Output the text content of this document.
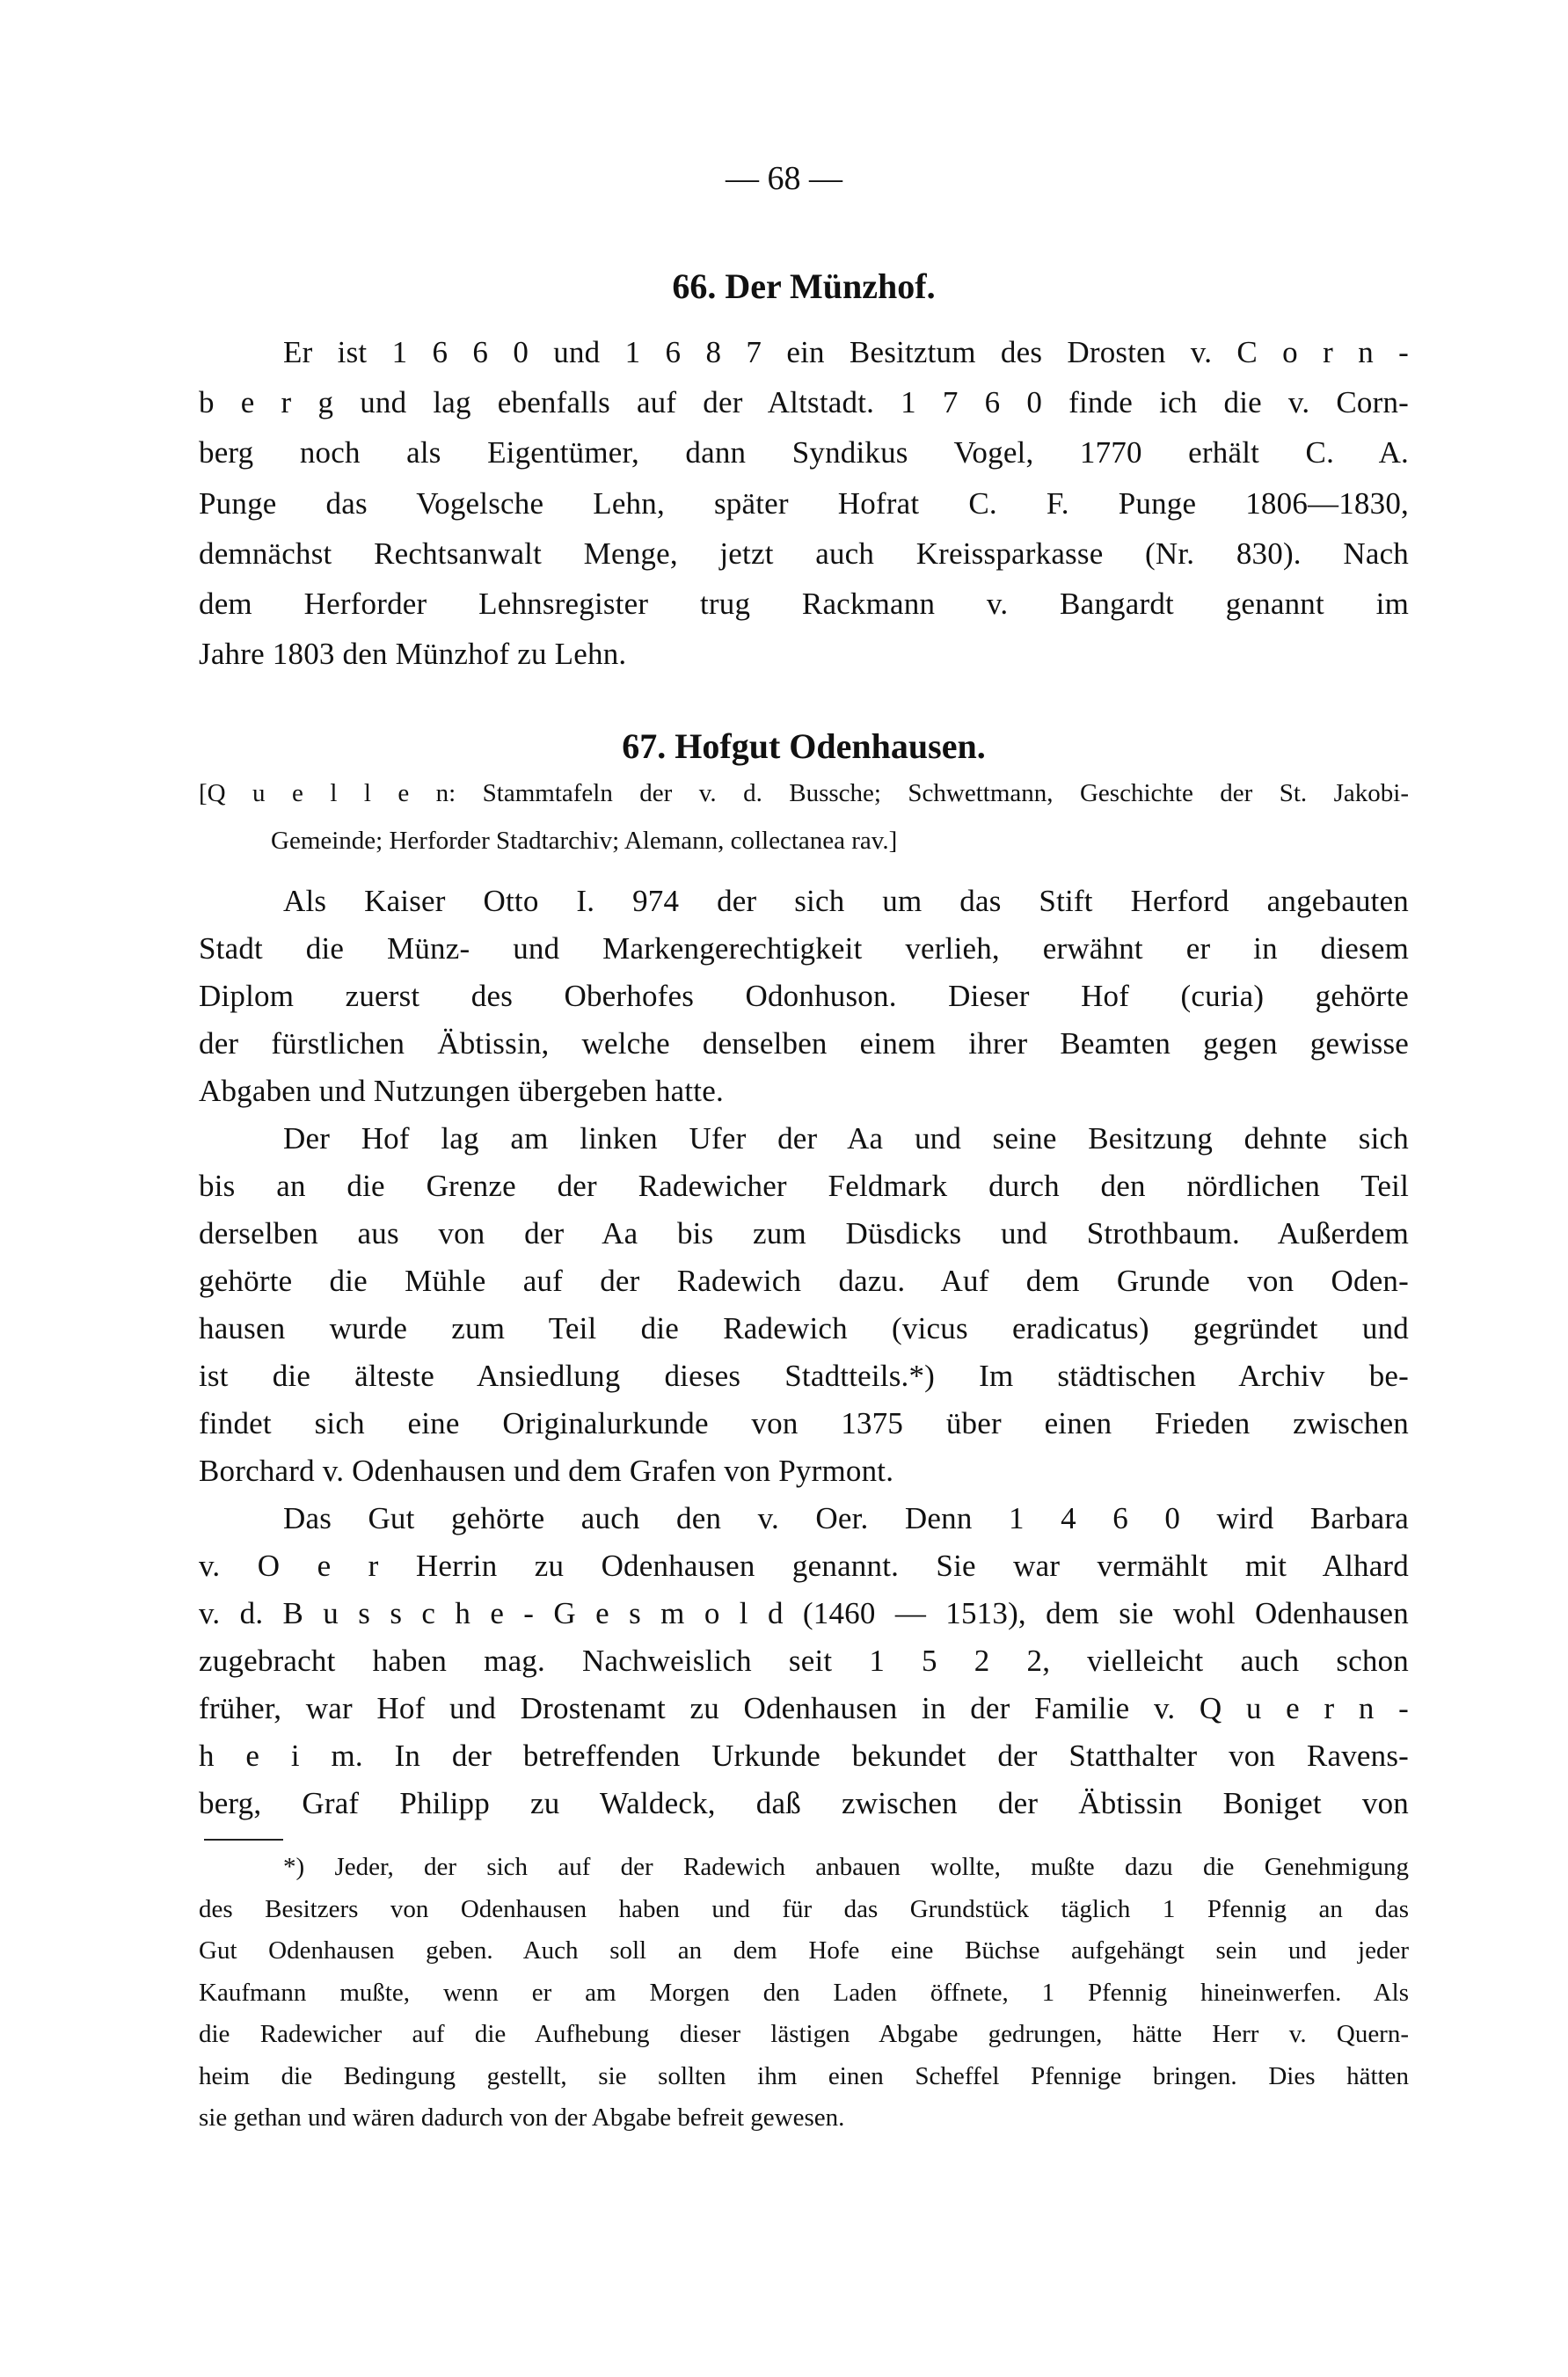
— 68 —
66. Der Münzhof.
Er ist 1 6 6 0 und 1 6 8 7 ein Besitztum des Drosten v. C o r n -
b e r g und lag ebenfalls auf der Altstadt. 1 7 6 0 finde ich die v. Corn-
berg noch als Eigentümer, dann Syndikus Vogel, 1770 erhält C. A.
Punge das Vogelsche Lehn, später Hofrat C. F. Punge 1806—1830,
demnächst Rechtsanwalt Menge, jetzt auch Kreissparkasse (Nr. 830). Nach
dem Herforder Lehnsregister trug Rackmann v. Bangardt genannt im
Jahre 1803 den Münzhof zu Lehn.
67. Hofgut Odenhausen.
[Q u e l l e n: Stammtafeln der v. d. Bussche; Schwettmann, Geschichte der St. Jakobi-
Gemeinde; Herforder Stadtarchiv; Alemann, collectanea rav.]
Als Kaiser Otto I. 974 der sich um das Stift Herford angebauten
Stadt die Münz- und Markengerechtigkeit verlieh, erwähnt er in diesem
Diplom zuerst des Oberhofes Odonhuson. Dieser Hof (curia) gehörte
der fürstlichen Äbtissin, welche denselben einem ihrer Beamten gegen gewisse
Abgaben und Nutzungen übergeben hatte.
Der Hof lag am linken Ufer der Aa und seine Besitzung dehnte sich
bis an die Grenze der Radewicher Feldmark durch den nördlichen Teil
derselben aus von der Aa bis zum Düsdicks und Strothbaum. Außerdem
gehörte die Mühle auf der Radewich dazu. Auf dem Grunde von Oden-
hausen wurde zum Teil die Radewich (vicus eradicatus) gegründet und
ist die älteste Ansiedlung dieses Stadtteils.*) Im städtischen Archiv be-
findet sich eine Originalurkunde von 1375 über einen Frieden zwischen
Borchard v. Odenhausen und dem Grafen von Pyrmont.
Das Gut gehörte auch den v. Oer. Denn 1 4 6 0 wird Barbara
v. O e r Herrin zu Odenhausen genannt. Sie war vermählt mit Alhard
v. d. B u s s c h e - G e s m o l d (1460 — 1513), dem sie wohl Odenhausen
zugebracht haben mag. Nachweislich seit 1 5 2 2, vielleicht auch schon
früher, war Hof und Drostenamt zu Odenhausen in der Familie v. Q u e r n -
h e i m. In der betreffenden Urkunde bekundet der Statthalter von Ravens-
berg, Graf Philipp zu Waldeck, daß zwischen der Äbtissin Boniget von
*) Jeder, der sich auf der Radewich anbauen wollte, mußte dazu die Genehmigung
des Besitzers von Odenhausen haben und für das Grundstück täglich 1 Pfennig an das
Gut Odenhausen geben. Auch soll an dem Hofe eine Büchse aufgehängt sein und jeder
Kaufmann mußte, wenn er am Morgen den Laden öffnete, 1 Pfennig hineinwerfen. Als
die Radewicher auf die Aufhebung dieser lästigen Abgabe gedrungen, hätte Herr v. Quern-
heim die Bedingung gestellt, sie sollten ihm einen Scheffel Pfennige bringen. Dies hätten
sie gethan und wären dadurch von der Abgabe befreit gewesen.
